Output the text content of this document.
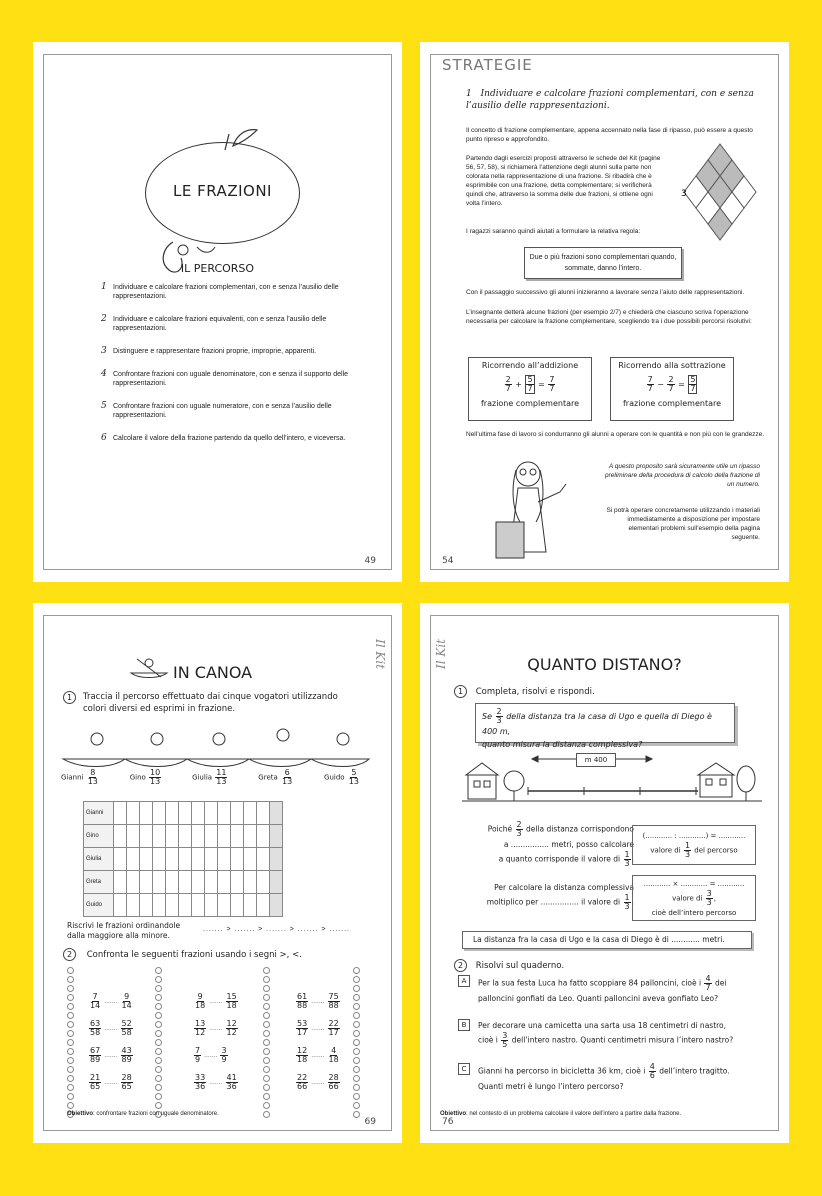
LE FRAZIONI
IL PERCORSO
1 Individuare e calcolare frazioni complementari, con e senza l’ausilio delle rappresentazioni.
2 Individuare e calcolare frazioni equivalenti, con e senza l’ausilio delle rappresentazioni.
3 Distinguere e rappresentare frazioni proprie, improprie, apparenti.
4 Confrontare frazioni con uguale denominatore, con e senza il supporto delle rappresentazioni.
5 Confrontare frazioni con uguale numeratore, con e senza l’ausilio delle rappresentazioni.
6 Calcolare il valore della frazione partendo da quello dell’intero, e viceversa.
49
STRATEGIE
1 Individuare e calcolare frazioni complementari, con e senza l’ausilio delle rappresentazioni.

Il concetto di frazione complementare, appena accennato nella fase di ripasso, può essere a questo punto ripreso e approfondito.

Partendo dagli esercizi proposti attraverso le schede del Kit (pagine 56, 57, 58), si richiamerà l’attenzione degli alunni sulla parte non colorata nella rappresentazione di una frazione. Si ribadirà che è esprimibile con una frazione, detta complementare; si verificherà quindi che, attraverso la somma delle due frazioni, si ottiene ogni volta l’intero.

I ragazzi saranno quindi aiutati a formulare la relativa regola:

3
Due o più frazioni sono complementari quando, sommate, danno l’intero.

Con il passaggio successivo gli alunni inizieranno a lavorare senza l’aiuto delle rappresentazioni.

L’insegnante detterà alcune frazioni (per esempio 2/7) e chiederà che ciascuno scriva l’operazione necessaria per calcolare la frazione complementare, scegliendo tra i due possibili percorsi risolutivi:

Ricorrendo all’addizione
$\frac{2}{7} + \frac{5}{7} = \frac{7}{7}$
frazione complementare
Ricorrendo alla sottrazione
$\frac{7}{7} - \frac{2}{7} = \frac{5}{7}$
frazione complementare

Nell’ultima fase di lavoro si condurranno gli alunni a operare con le quantità e non più con le grandezze.

A questo proposito sarà sicuramente utile un ripasso preliminare della procedura di calcolo della frazione di un numero.

Si potrà operare concretamente utilizzando i materiali immediatamente a disposizione per impostare elementari problemi sull’esempio della pagina seguente.

54
Il Kit
IN CANOA
1 Traccia il percorso effettuato dai cinque vogatori utilizzando colori diversi ed esprimi in frazione.
Gianni $\frac{8}{13}$	Gino $\frac{10}{13}$	Giulia $\frac{11}{13}$	Greta $\frac{6}{13}$	Guido $\frac{5}{13}$
Gianni													
Gino													
Giulia													
Greta													
Guido													
Riscrivi le frazioni ordinandole dalla maggiore alla minore.
....... > ....... > ....... > ....... > .......
2 Confronta le seguenti frazioni usando i segni >, <.
$\frac{7}{14}$ ....... $\frac{9}{14}$
$\frac{63}{58}$ ....... $\frac{52}{58}$
$\frac{67}{89}$ ....... $\frac{43}{89}$
$\frac{21}{65}$ ....... $\frac{28}{65}$
$\frac{9}{18}$ ....... $\frac{15}{18}$
$\frac{13}{12}$ ....... $\frac{12}{12}$
$\frac{7}{9}$ ....... $\frac{3}{9}$
$\frac{33}{36}$ ....... $\frac{41}{36}$
$\frac{61}{88}$ ....... $\frac{75}{88}$
$\frac{53}{17}$ ....... $\frac{22}{17}$
$\frac{12}{18}$ ....... $\frac{4}{18}$
$\frac{22}{66}$ ....... $\frac{28}{66}$
Obiettivo: confrontare frazioni con uguale denominatore.
69
Il Kit	QUANTO DISTANO?
1 Completa, risolvi e rispondi.
Se $\frac{2}{3}$ della distanza tra la casa di Ugo e quella di Diego è 400 m,
quanto misura la distanza complessiva?
m 400
Poiché $\frac{2}{3}$ della distanza corrispondono
a ................ metri, posso calcolare
a quanto corrisponde il valore di $\frac{1}{3}$ .
(............ : ............) = ............
valore di $\frac{1}{3}$ del percorso
Per calcolare la distanza complessiva
moltiplico per ................ il valore di $\frac{1}{3}$ .
............ × ............ = ............
valore di $\frac{3}{3}$ ,
cioè dell’intero percorso
La distanza fra la casa di Ugo e la casa di Diego è di ............ metri.
2 Risolvi sul quaderno.
A	Per la sua festa Luca ha fatto scoppiare 84 palloncini, cioè i $\frac{4}{7}$ dei
palloncini gonfiati da Leo. Quanti palloncini aveva gonfiato Leo?
B	Per decorare una camicetta una sarta usa 18 centimetri di nastro,
cioè i $\frac{3}{5}$ dell’intero nastro. Quanti centimetri misura l’intero nastro?
C	Gianni ha percorso in bicicletta 36 km, cioè i $\frac{4}{6}$ dell’intero tragitto.
Quanti metri è lungo l’intero percorso?
Obiettivo: nel contesto di un problema calcolare il valore dell’intero a partire dalla frazione.
76
